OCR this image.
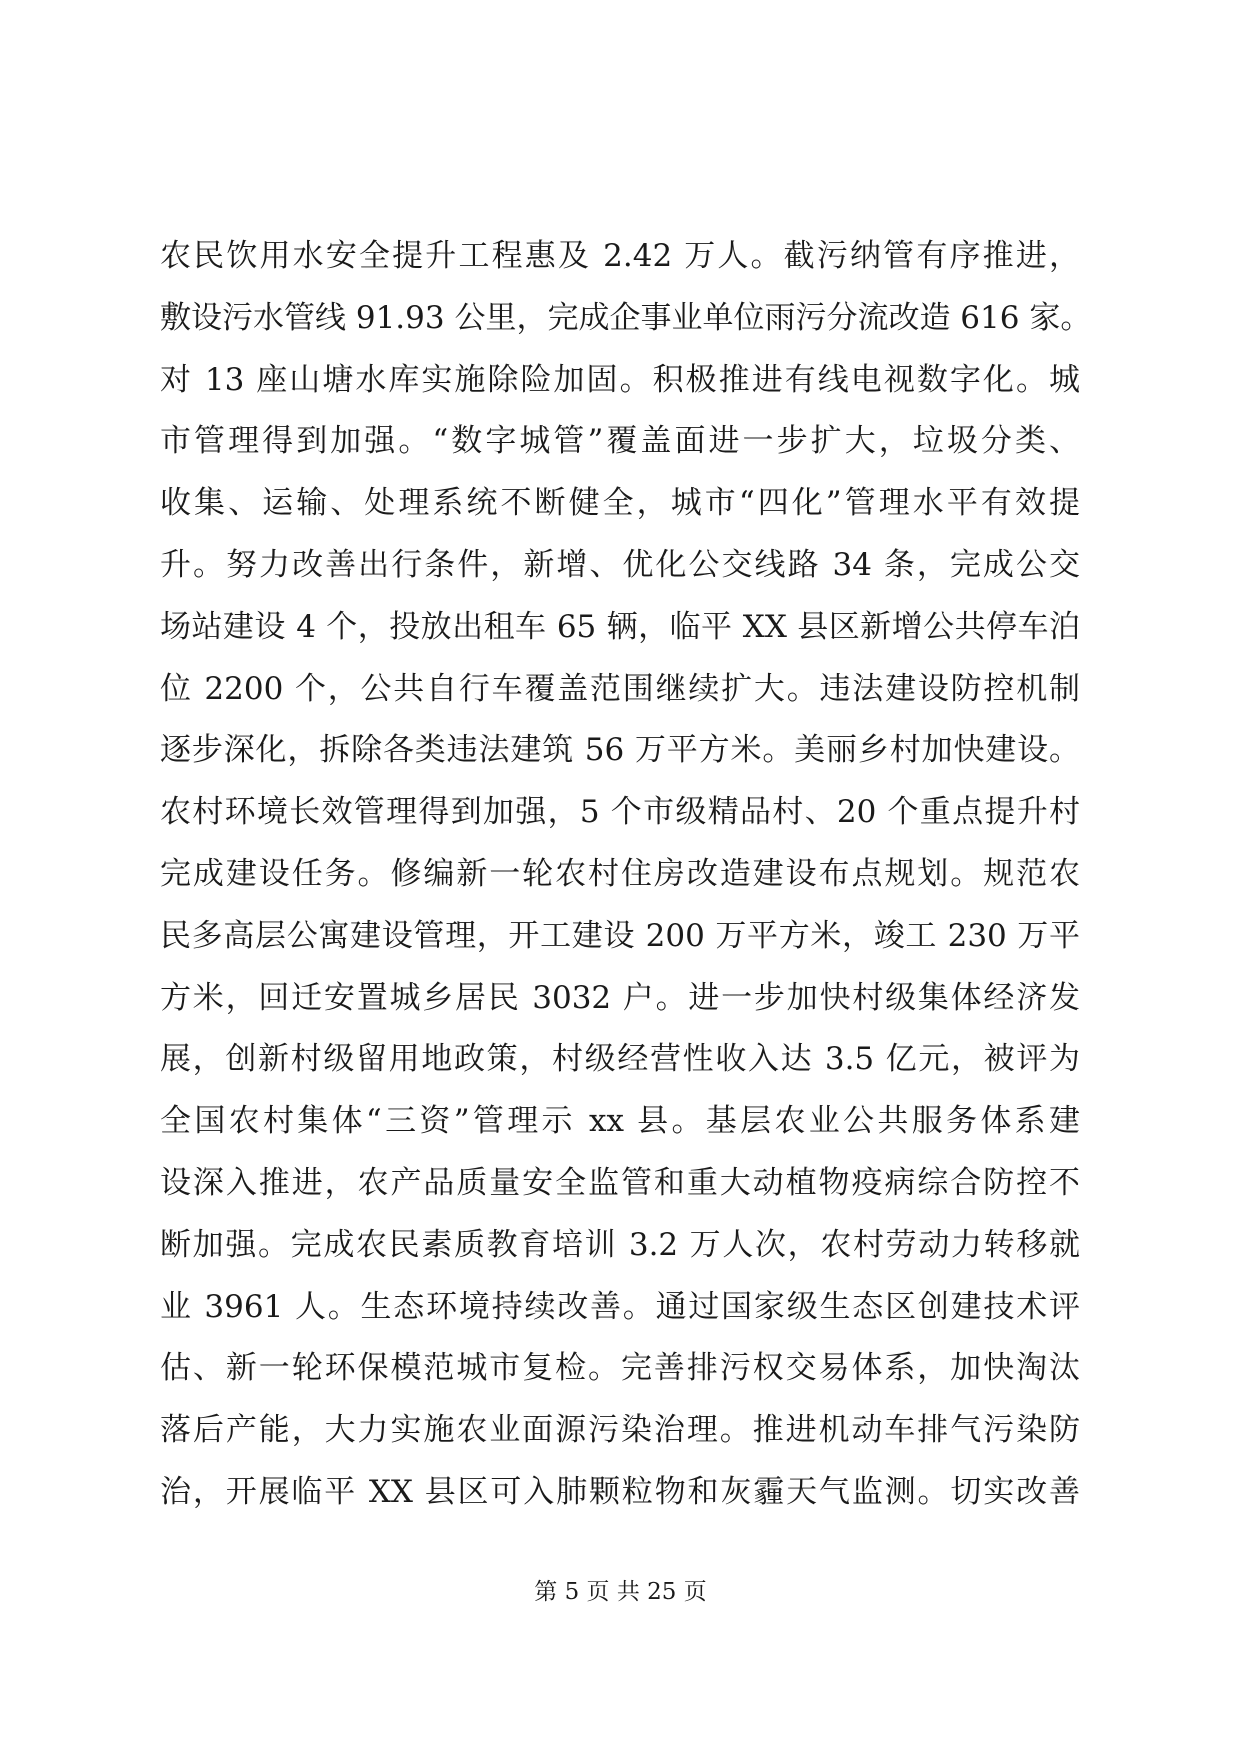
农民饮用水安全提升工程惠及 2.42 万人。截污纳管有序推进，
敷设污水管线 91.93 公里，完成企事业单位雨污分流改造 616 家。
对 13 座山塘水库实施除险加固。积极推进有线电视数字化。城
市管理得到加强。“数字城管”覆盖面进一步扩大，垃圾分类、
收集、运输、处理系统不断健全，城市“四化”管理水平有效提
升。努力改善出行条件，新增、优化公交线路 34 条，完成公交
场站建设 4 个，投放出租车 65 辆，临平 XX 县区新增公共停车泊
位 2200 个，公共自行车覆盖范围继续扩大。违法建设防控机制
逐步深化，拆除各类违法建筑 56 万平方米。美丽乡村加快建设。
农村环境长效管理得到加强，5 个市级精品村、20 个重点提升村
完成建设任务。修编新一轮农村住房改造建设布点规划。规范农
民多高层公寓建设管理，开工建设 200 万平方米，竣工 230 万平
方米，回迁安置城乡居民 3032 户。进一步加快村级集体经济发
展，创新村级留用地政策，村级经营性收入达 3.5 亿元，被评为
全国农村集体“三资”管理示 xx 县。基层农业公共服务体系建
设深入推进，农产品质量安全监管和重大动植物疫病综合防控不
断加强。完成农民素质教育培训 3.2 万人次，农村劳动力转移就
业 3961 人。生态环境持续改善。通过国家级生态区创建技术评
估、新一轮环保模范城市复检。完善排污权交易体系，加快淘汰
落后产能，大力实施农业面源污染治理。推进机动车排气污染防
治，开展临平 XX 县区可入肺颗粒物和灰霾天气监测。切实改善
第 5 页 共 25 页
